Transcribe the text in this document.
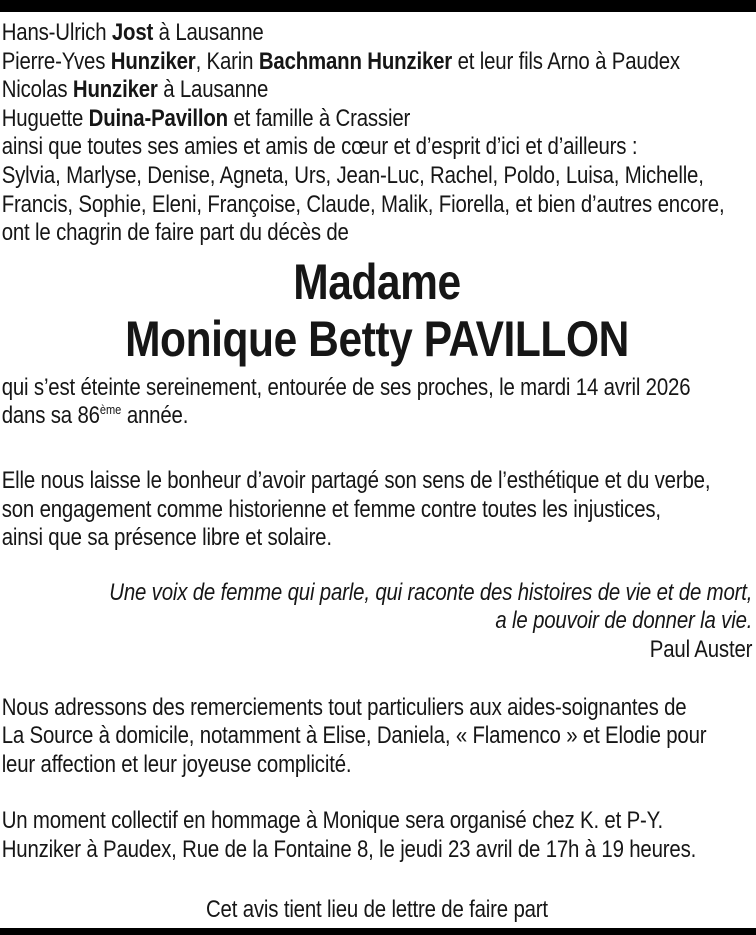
Hans-Ulrich Jost à Lausanne
Pierre-Yves Hunziker, Karin Bachmann Hunziker et leur fils Arno à Paudex
Nicolas Hunziker à Lausanne
Huguette Duina-Pavillon et famille à Crassier
ainsi que toutes ses amies et amis de cœur et d’esprit d’ici et d’ailleurs :
Sylvia, Marlyse, Denise, Agneta, Urs, Jean-Luc, Rachel, Poldo, Luisa, Michelle,
Francis, Sophie, Eleni, Françoise, Claude, Malik, Fiorella, et bien d’autres encore,
ont le chagrin de faire part du décès de
Madame
Monique Betty PAVILLON
qui s’est éteinte sereinement, entourée de ses proches, le mardi 14 avril 2026
dans sa 86ème année.
Elle nous laisse le bonheur d’avoir partagé son sens de l’esthétique et du verbe,
son engagement comme historienne et femme contre toutes les injustices,
ainsi que sa présence libre et solaire.
Une voix de femme qui parle, qui raconte des histoires de vie et de mort,
a le pouvoir de donner la vie.
Paul Auster
Nous adressons des remerciements tout particuliers aux aides-soignantes de
La Source à domicile, notamment à Elise, Daniela, « Flamenco » et Elodie pour
leur affection et leur joyeuse complicité.
Un moment collectif en hommage à Monique sera organisé chez K. et P-Y.
Hunziker à Paudex, Rue de la Fontaine 8, le jeudi 23 avril de 17h à 19 heures.
Cet avis tient lieu de lettre de faire part
